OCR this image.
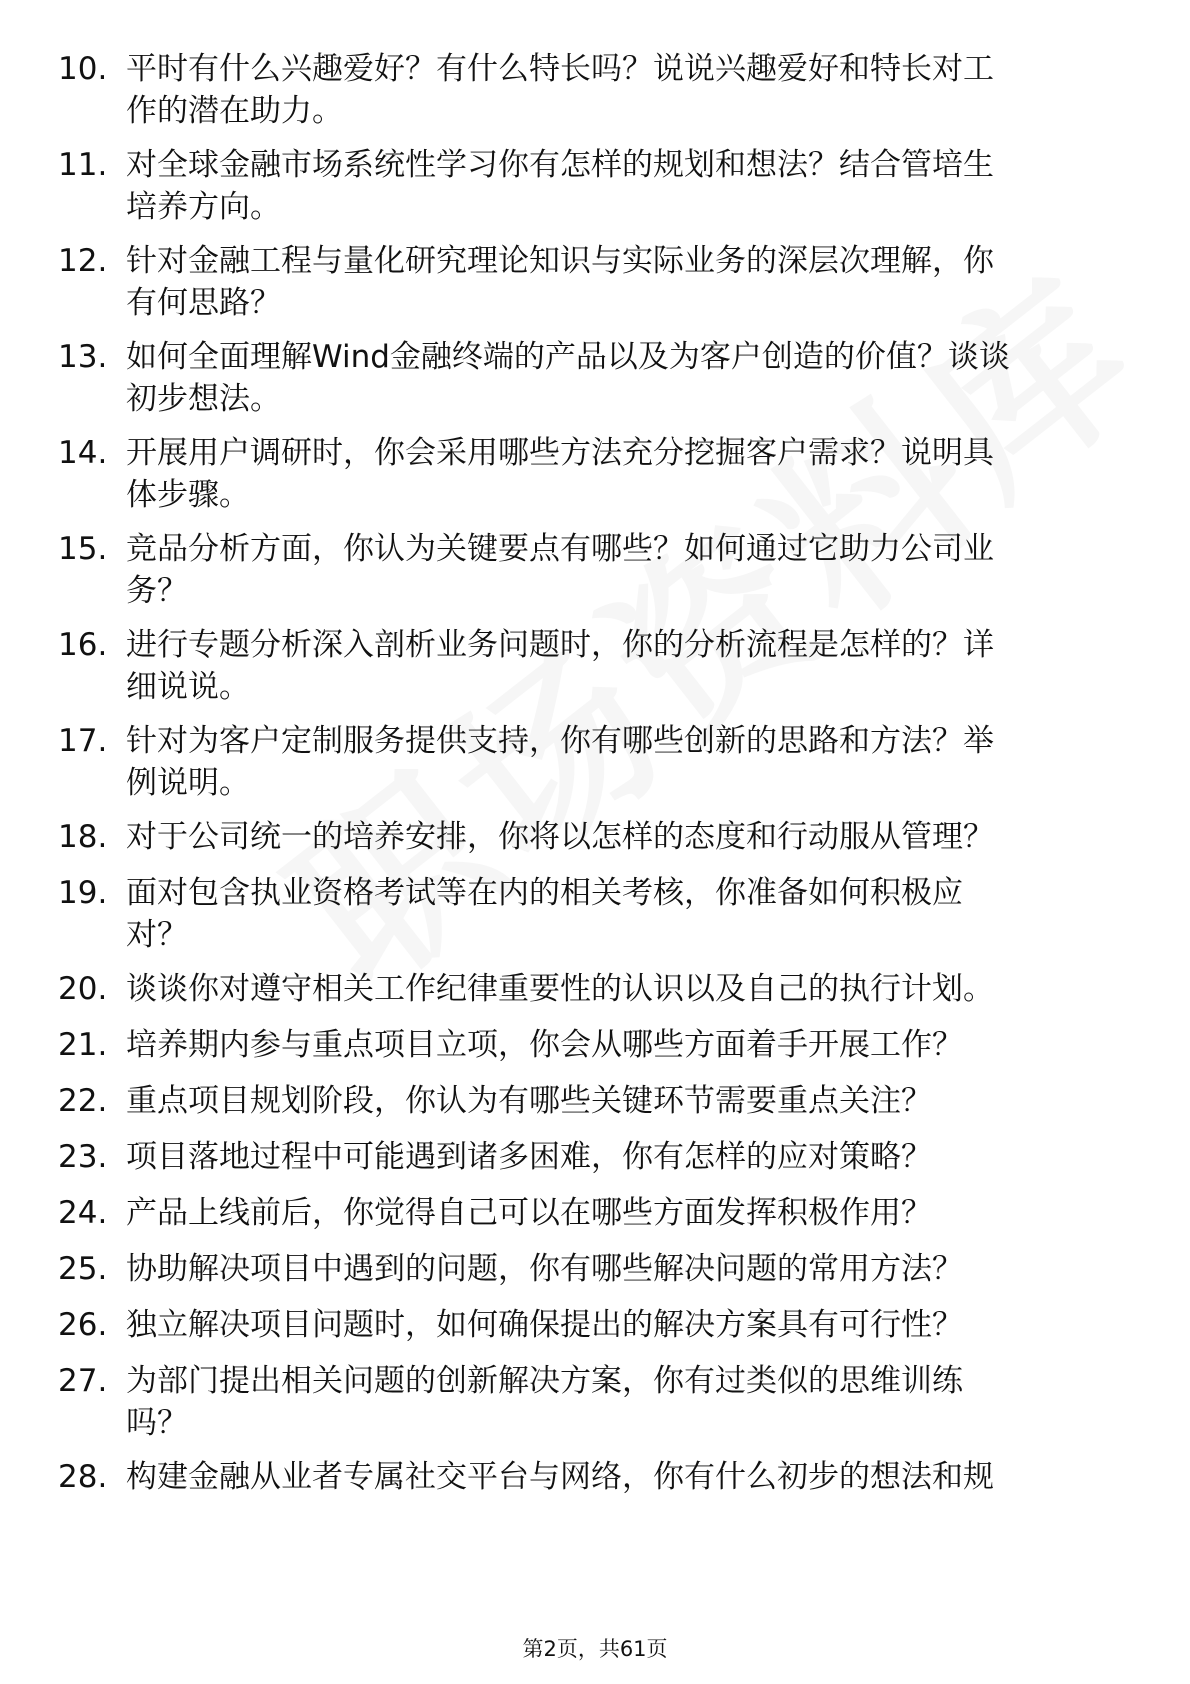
10. 平时有什么兴趣爱好？有什么特长吗？说说兴趣爱好和特长对工
作的潜在助力。
11. 对全球金融市场系统性学习你有怎样的规划和想法？结合管培生
培养方向。
12. 针对金融工程与量化研究理论知识与实际业务的深层次理解，你
有何思路？
13. 如何全面理解Wind金融终端的产品以及为客户创造的价值？谈谈
初步想法。
14. 开展用户调研时，你会采用哪些方法充分挖掘客户需求？说明具
体步骤。
15. 竞品分析方面，你认为关键要点有哪些？如何通过它助力公司业
务？
16. 进行专题分析深入剖析业务问题时，你的分析流程是怎样的？详
细说说。
17. 针对为客户定制服务提供支持，你有哪些创新的思路和方法？举
例说明。
18. 对于公司统一的培养安排，你将以怎样的态度和行动服从管理？
19. 面对包含执业资格考试等在内的相关考核，你准备如何积极应
对？
20. 谈谈你对遵守相关工作纪律重要性的认识以及自己的执行计划。
21. 培养期内参与重点项目立项，你会从哪些方面着手开展工作？
22. 重点项目规划阶段，你认为有哪些关键环节需要重点关注？
23. 项目落地过程中可能遇到诸多困难，你有怎样的应对策略？
24. 产品上线前后，你觉得自己可以在哪些方面发挥积极作用？
25. 协助解决项目中遇到的问题，你有哪些解决问题的常用方法？
26. 独立解决项目问题时，如何确保提出的解决方案具有可行性？
27. 为部门提出相关问题的创新解决方案，你有过类似的思维训练
吗？
28. 构建金融从业者专属社交平台与网络，你有什么初步的想法和规
第2页，共61页
